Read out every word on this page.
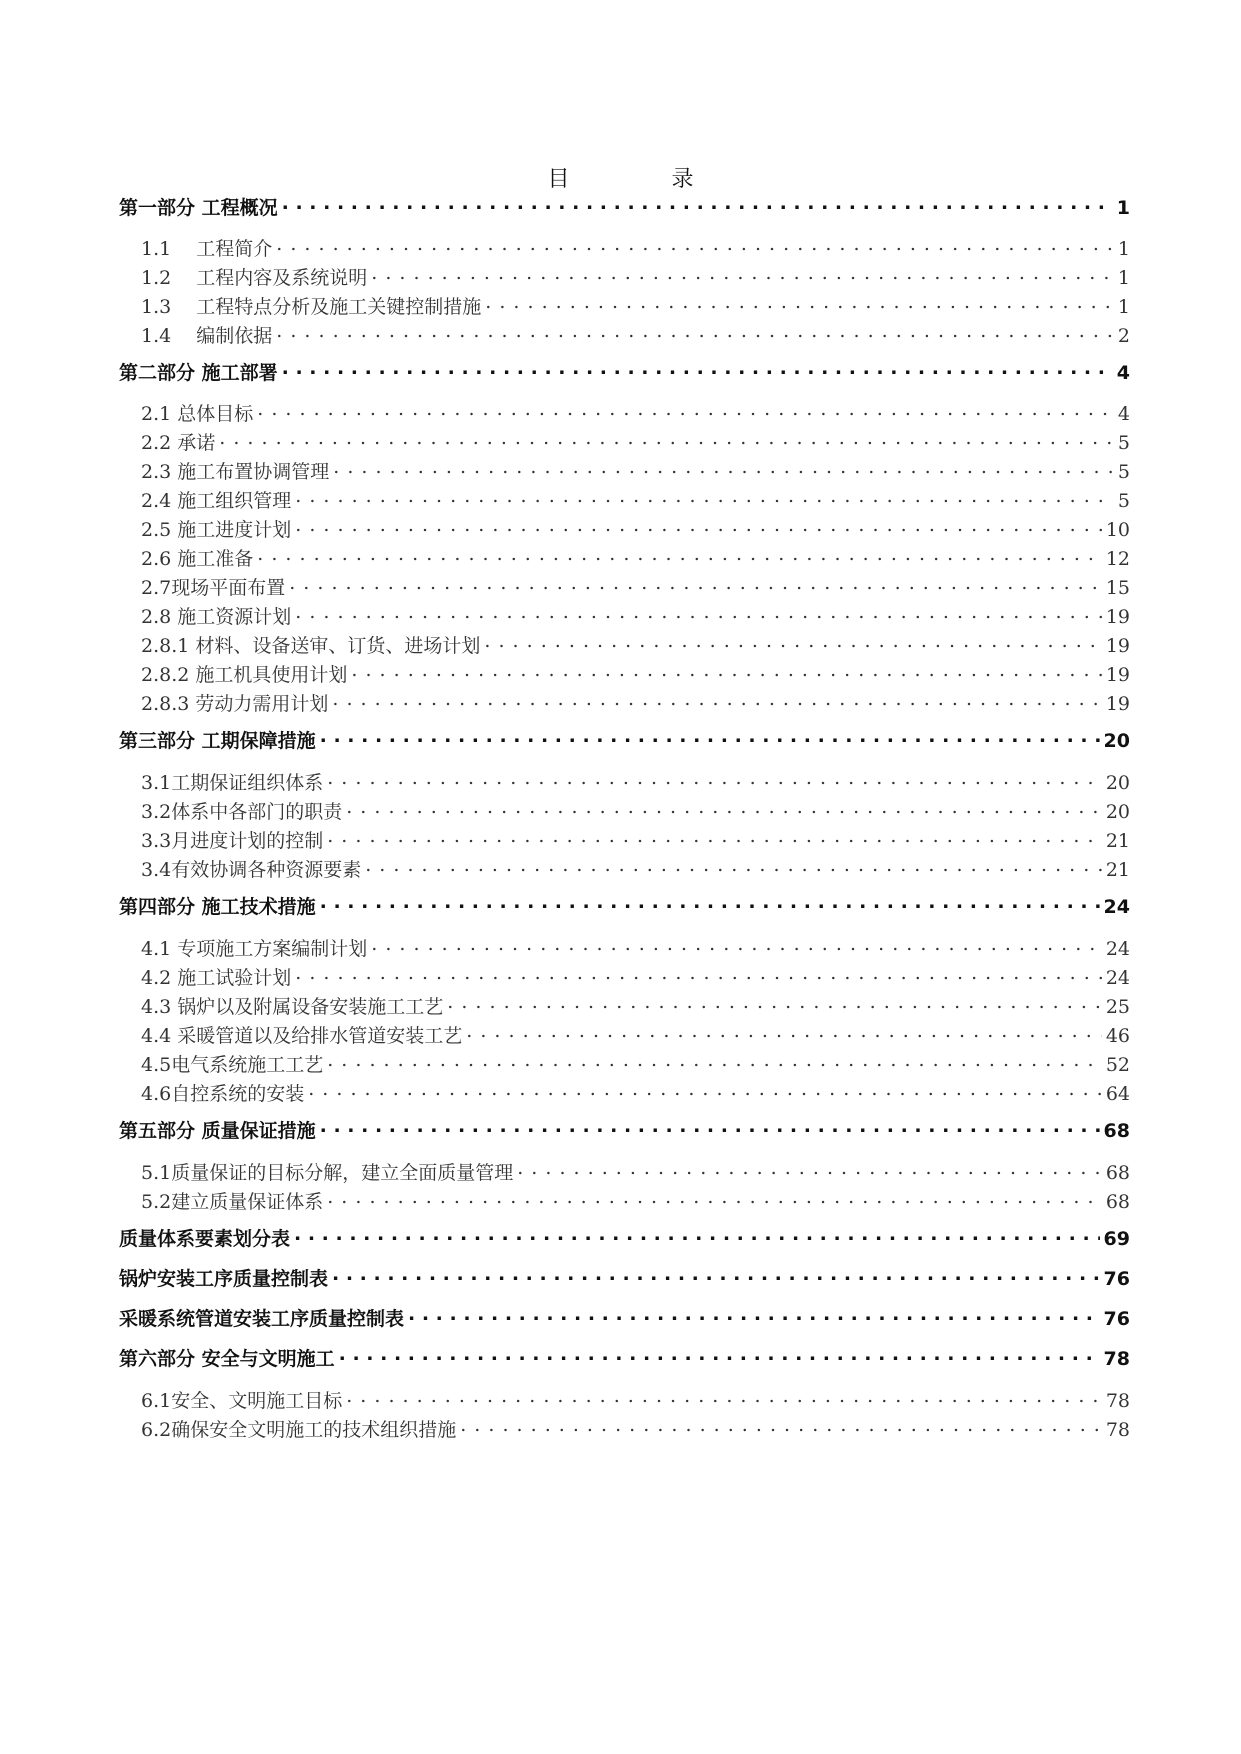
目　录
第一部分 工程概况 . . .	1
1.1　 工程简介 . . .	1
1.2　 工程内容及系统说明 . . .	1
1.3　 工程特点分析及施工关键控制措施 . . .	1
1.4　 编制依据 . . .	2
第二部分 施工部署 . . .	4
2.1 总体目标 . . .	4
2.2 承诺 . . .	5
2.3 施工布置协调管理 . . .	5
2.4 施工组织管理 . . .	5
2.5 施工进度计划 . . .	10
2.6 施工准备 . . .	12
2.7现场平面布置 . . .	15
2.8 施工资源计划 . . .	19
2.8.1 材料、设备送审、订货、进场计划 . . .	19
2.8.2 施工机具使用计划 . . .	19
2.8.3 劳动力需用计划 . . .	19
第三部分 工期保障措施 . . .	20
3.1工期保证组织体系 . . .	20
3.2体系中各部门的职责 . . .	20
3.3月进度计划的控制 . . .	21
3.4有效协调各种资源要素 . . .	21
第四部分 施工技术措施 . . .	24
4.1 专项施工方案编制计划 . . .	24
4.2 施工试验计划 . . .	24
4.3 锅炉以及附属设备安装施工工艺 . . .	25
4.4 采暖管道以及给排水管道安装工艺 . . .	46
4.5电气系统施工工艺 . . .	52
4.6自控系统的安装 . . .	64
第五部分 质量保证措施 . . .	68
5.1质量保证的目标分解，建立全面质量管理 . . .	68
5.2建立质量保证体系 . . .	68
质量体系要素划分表 . . .	69
锅炉安装工序质量控制表 . . .	76
采暖系统管道安装工序质量控制表 . . .	76
第六部分 安全与文明施工 . . .	78
6.1安全、文明施工目标 . . .	78
6.2确保安全文明施工的技术组织措施 . . .	78
